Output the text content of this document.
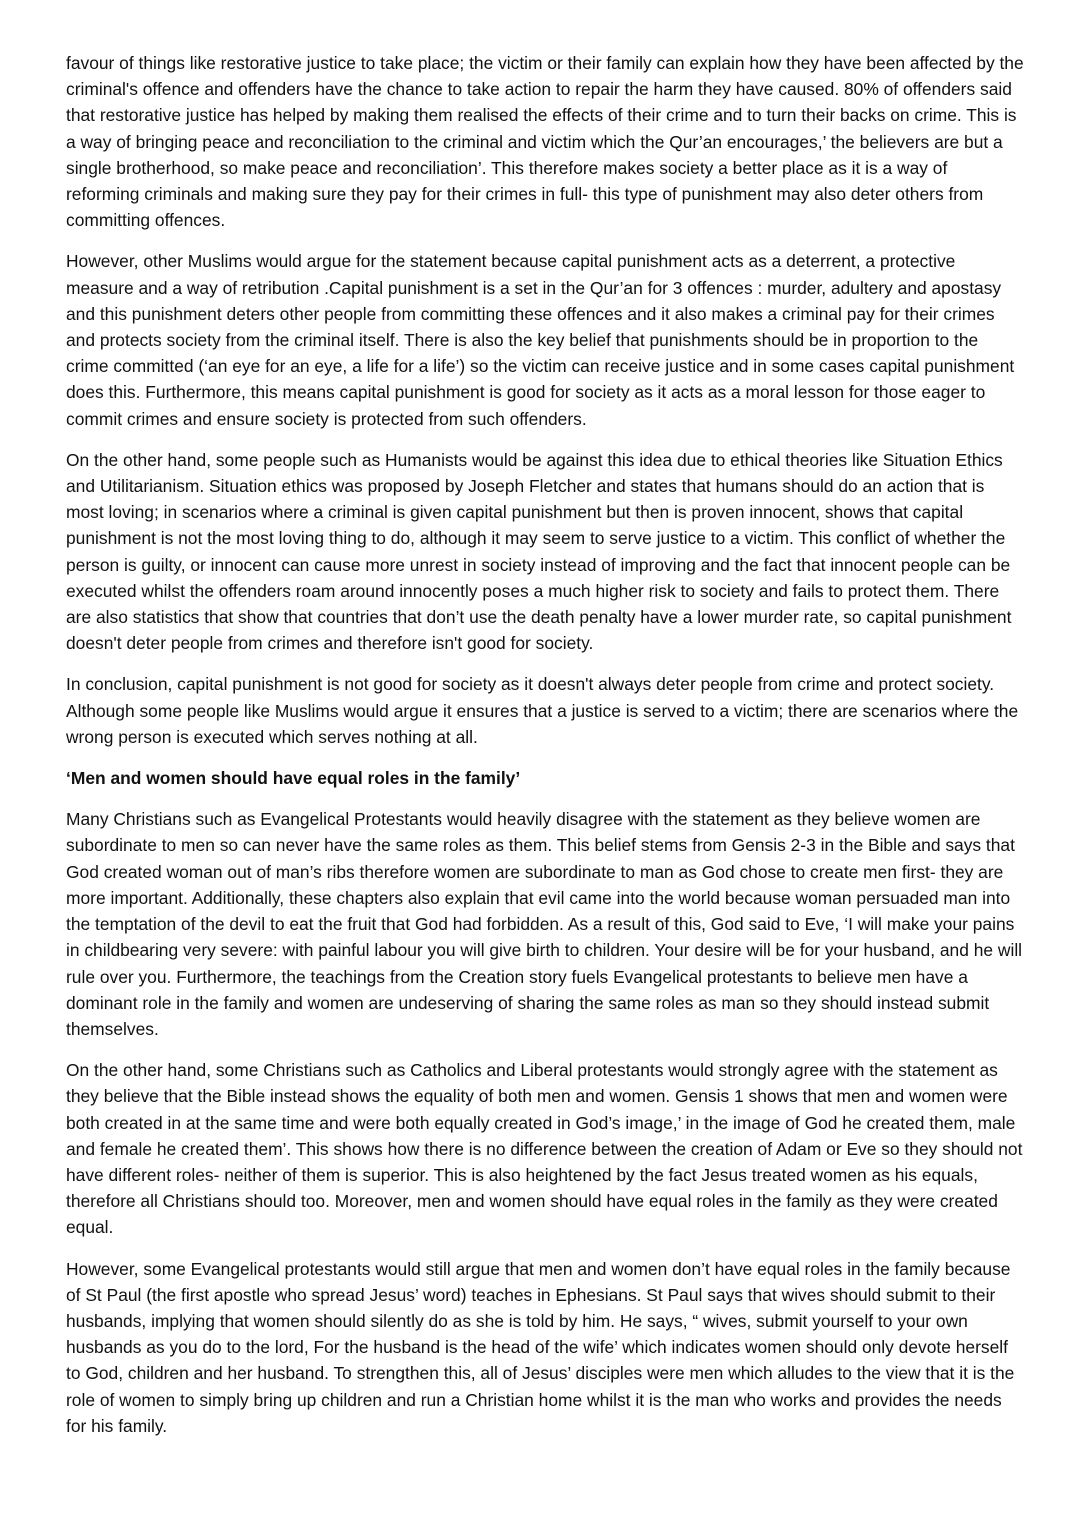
favour of things like restorative justice to take place; the victim or their family can explain how they have been affected by the criminal's offence and offenders have the chance to take action to repair the harm they have caused. 80% of offenders said that restorative justice has helped by making them realised the effects of their crime and to turn their backs on crime. This is a way of bringing peace and reconciliation to the criminal and victim which the Qur’an encourages,’ the believers are but a single brotherhood, so make peace and reconciliation’. This therefore makes society a better place as it is a way of reforming criminals and making sure they pay for their crimes in full- this type of punishment may also deter others from committing offences.

However, other Muslims would argue for the statement because capital punishment acts as a deterrent, a protective measure and a way of retribution .Capital punishment is a set in the Qur’an for 3 offences : murder, adultery and apostasy and this punishment deters other people from committing these offences and it also makes a criminal pay for their crimes and protects society from the criminal itself. There is also the key belief that punishments should be in proportion to the crime committed (‘an eye for an eye, a life for a life’) so the victim can receive justice and in some cases capital punishment does this. Furthermore, this means capital punishment is good for society as it acts as a moral lesson for those eager to commit crimes and ensure society is protected from such offenders.

On the other hand, some people such as Humanists would be against this idea due to ethical theories like Situation Ethics and Utilitarianism. Situation ethics was proposed by Joseph Fletcher and states that humans should do an action that is most loving; in scenarios where a criminal is given capital punishment but then is proven innocent, shows that capital punishment is not the most loving thing to do, although it may seem to serve justice to a victim. This conflict of whether the person is guilty, or innocent can cause more unrest in society instead of improving and the fact that innocent people can be executed whilst the offenders roam around innocently poses a much higher risk to society and fails to protect them. There are also statistics that show that countries that don’t use the death penalty have a lower murder rate, so capital punishment doesn't deter people from crimes and therefore isn't good for society.

In conclusion, capital punishment is not good for society as it doesn't always deter people from crime and protect society. Although some people like Muslims would argue it ensures that a justice is served to a victim; there are scenarios where the wrong person is executed which serves nothing at all.

‘Men and women should have equal roles in the family’

Many Christians such as Evangelical Protestants would heavily disagree with the statement as they believe women are subordinate to men so can never have the same roles as them. This belief stems from Gensis 2-3 in the Bible and says that God created woman out of man’s ribs therefore women are subordinate to man as God chose to create men first- they are more important. Additionally, these chapters also explain that evil came into the world because woman persuaded man into the temptation of the devil to eat the fruit that God had forbidden. As a result of this, God said to Eve, ‘I will make your pains in childbearing very severe: with painful labour you will give birth to children. Your desire will be for your husband, and he will rule over you. Furthermore, the teachings from the Creation story fuels Evangelical protestants to believe men have a dominant role in the family and women are undeserving of sharing the same roles as man so they should instead submit themselves.

On the other hand, some Christians such as Catholics and Liberal protestants would strongly agree with the statement as they believe that the Bible instead shows the equality of both men and women. Gensis 1 shows that men and women were both created in at the same time and were both equally created in God’s image,’ in the image of God he created them, male and female he created them’. This shows how there is no difference between the creation of Adam or Eve so they should not have different roles- neither of them is superior. This is also heightened by the fact Jesus treated women as his equals, therefore all Christians should too. Moreover, men and women should have equal roles in the family as they were created equal.

However, some Evangelical protestants would still argue that men and women don’t have equal roles in the family because of St Paul (the first apostle who spread Jesus’ word) teaches in Ephesians. St Paul says that wives should submit to their husbands, implying that women should silently do as she is told by him. He says, “ wives, submit yourself to your own husbands as you do to the lord, For the husband is the head of the wife’ which indicates women should only devote herself to God, children and her husband. To strengthen this, all of Jesus’ disciples were men which alludes to the view that it is the role of women to simply bring up children and run a Christian home whilst it is the man who works and provides the needs for his family.
